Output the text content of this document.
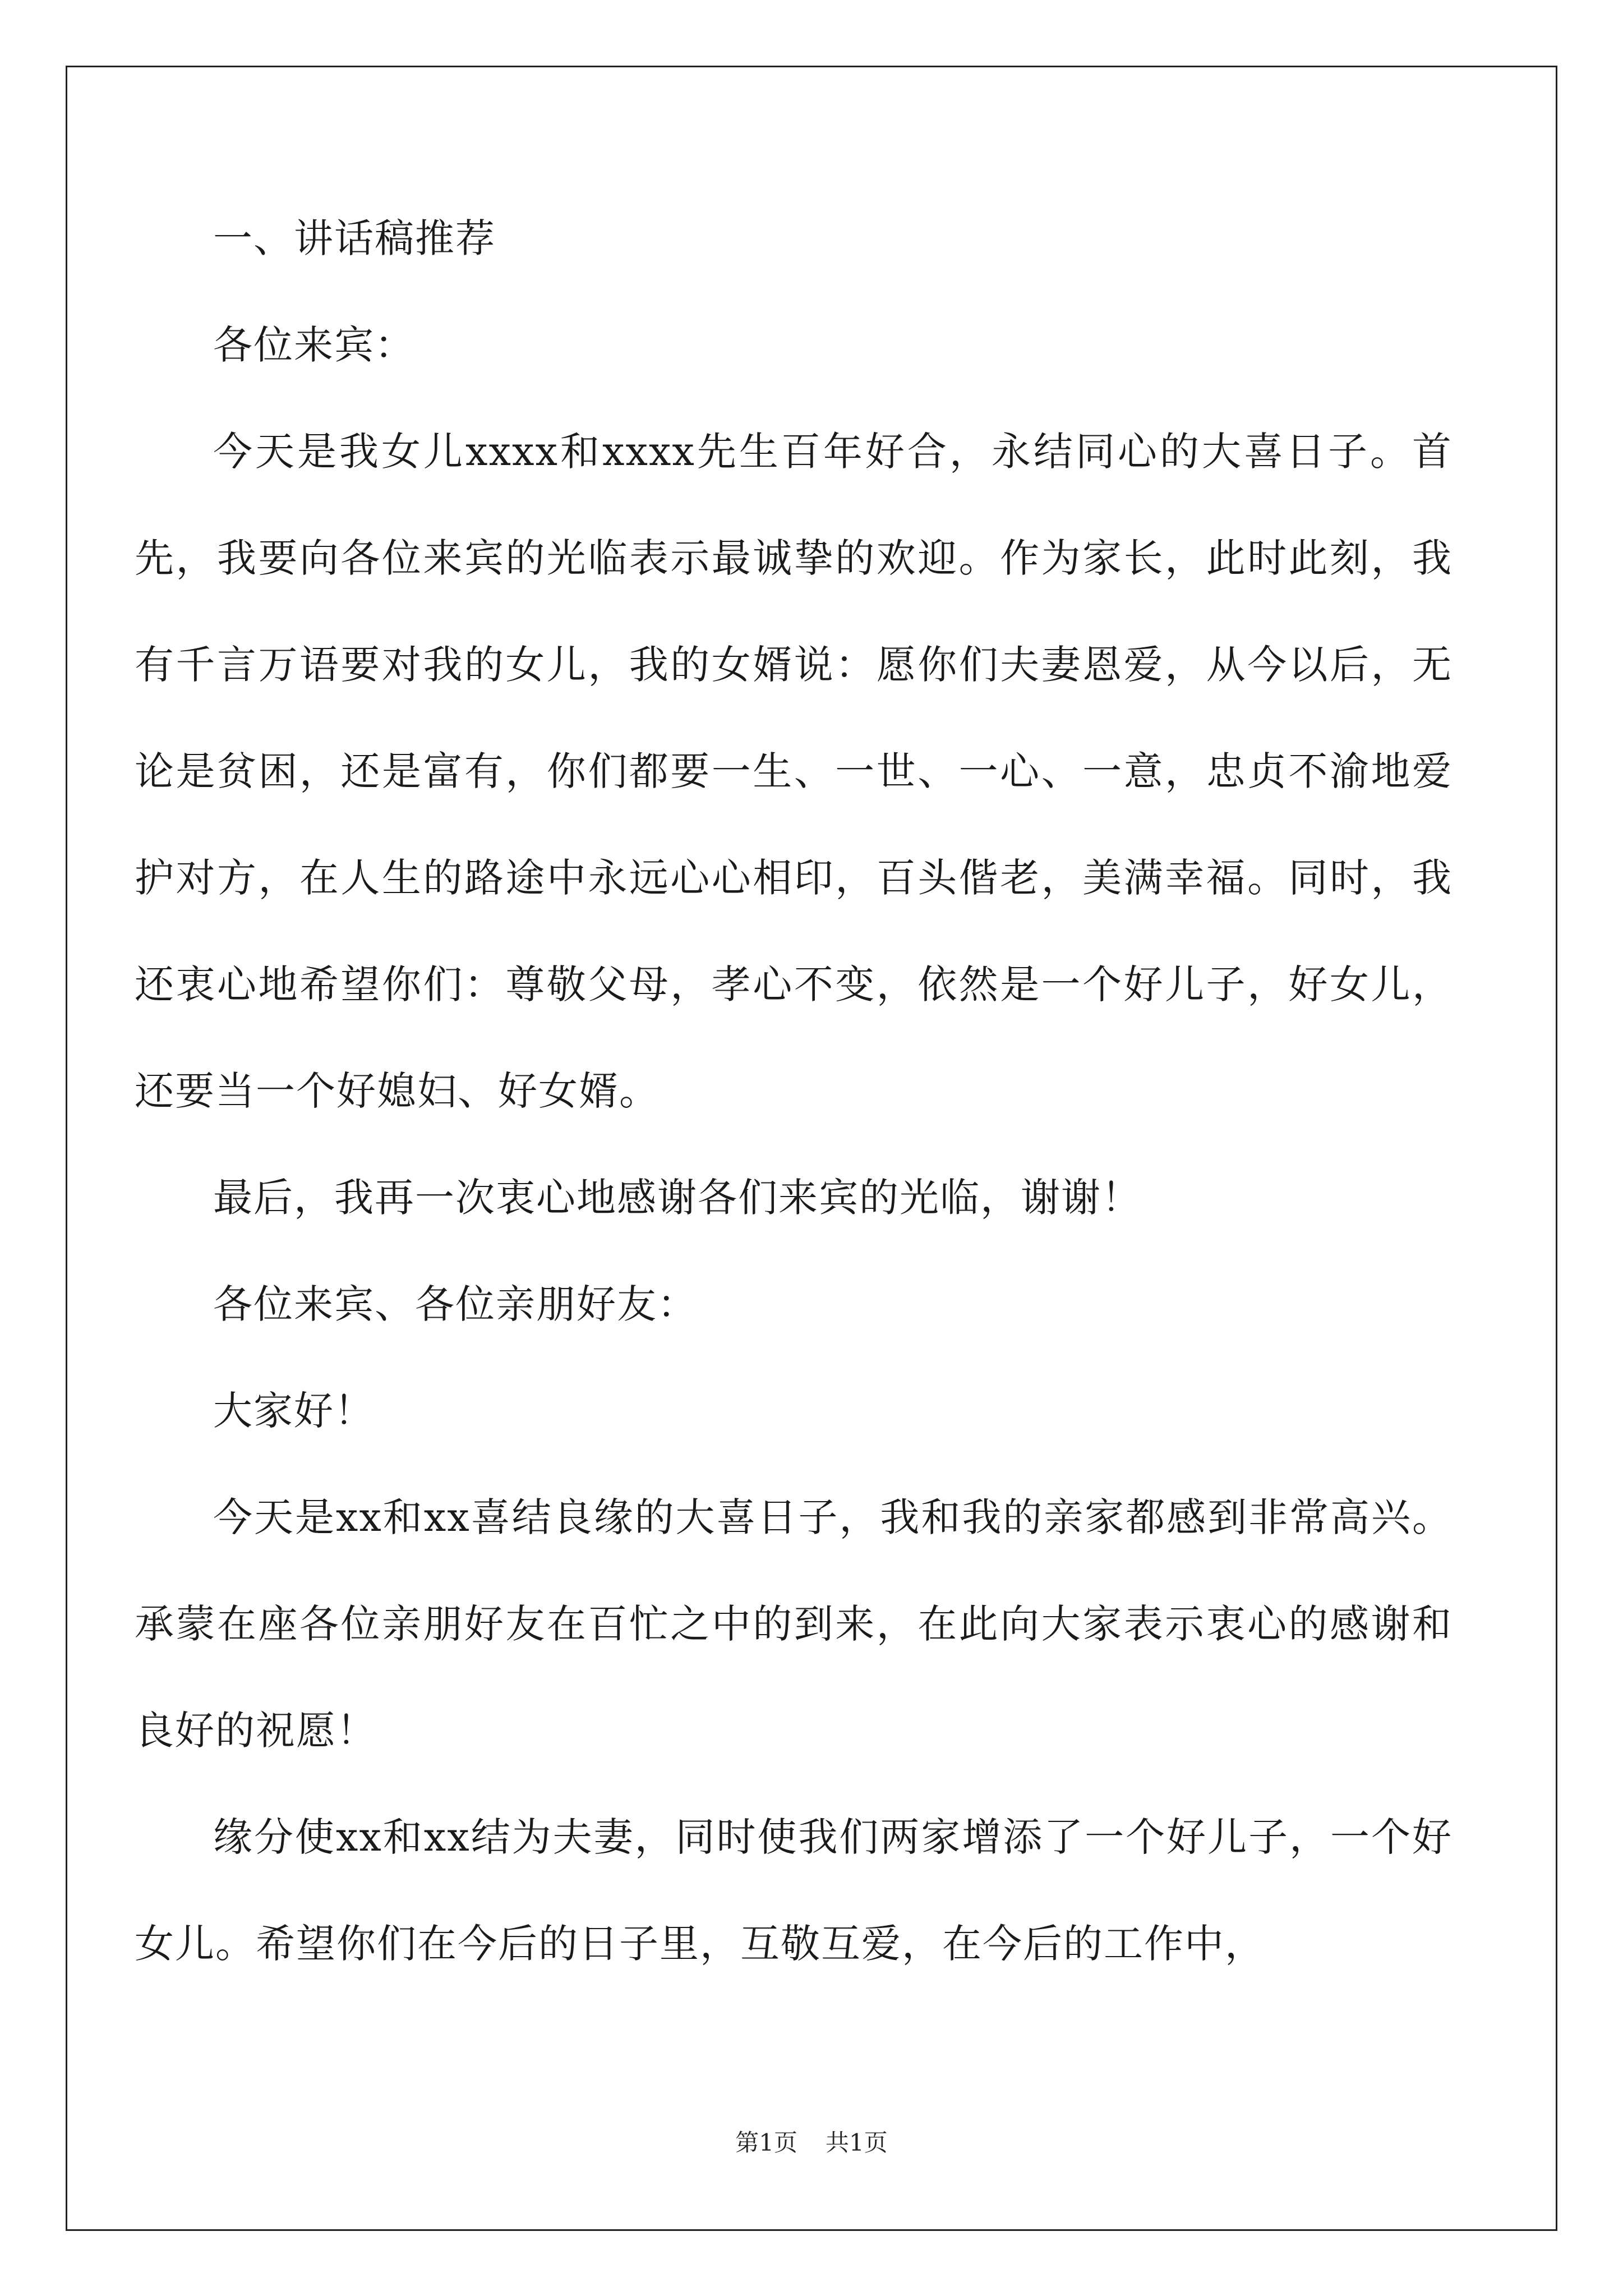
一、讲话稿推荐

各位来宾：

今天是我女儿xxxx和xxxx先生百年好合，永结同心的大喜日子。首先，我要向各位来宾的光临表示最诚挚的欢迎。作为家长，此时此刻，我有千言万语要对我的女儿，我的女婿说：愿你们夫妻恩爱，从今以后，无论是贫困，还是富有，你们都要一生、一世、一心、一意，忠贞不渝地爱护对方，在人生的路途中永远心心相印，百头偕老，美满幸福。同时，我还衷心地希望你们：尊敬父母，孝心不变，依然是一个好儿子，好女儿，还要当一个好媳妇、好女婿。

最后，我再一次衷心地感谢各们来宾的光临，谢谢！

各位来宾、各位亲朋好友：

大家好！

今天是xx和xx喜结良缘的大喜日子，我和我的亲家都感到非常高兴。承蒙在座各位亲朋好友在百忙之中的到来，在此向大家表示衷心的感谢和良好的祝愿！

缘分使xx和xx结为夫妻，同时使我们两家增添了一个好儿子，一个好女儿。希望你们在今后的日子里，互敬互爱，在今后的工作中，

第1页 共1页
